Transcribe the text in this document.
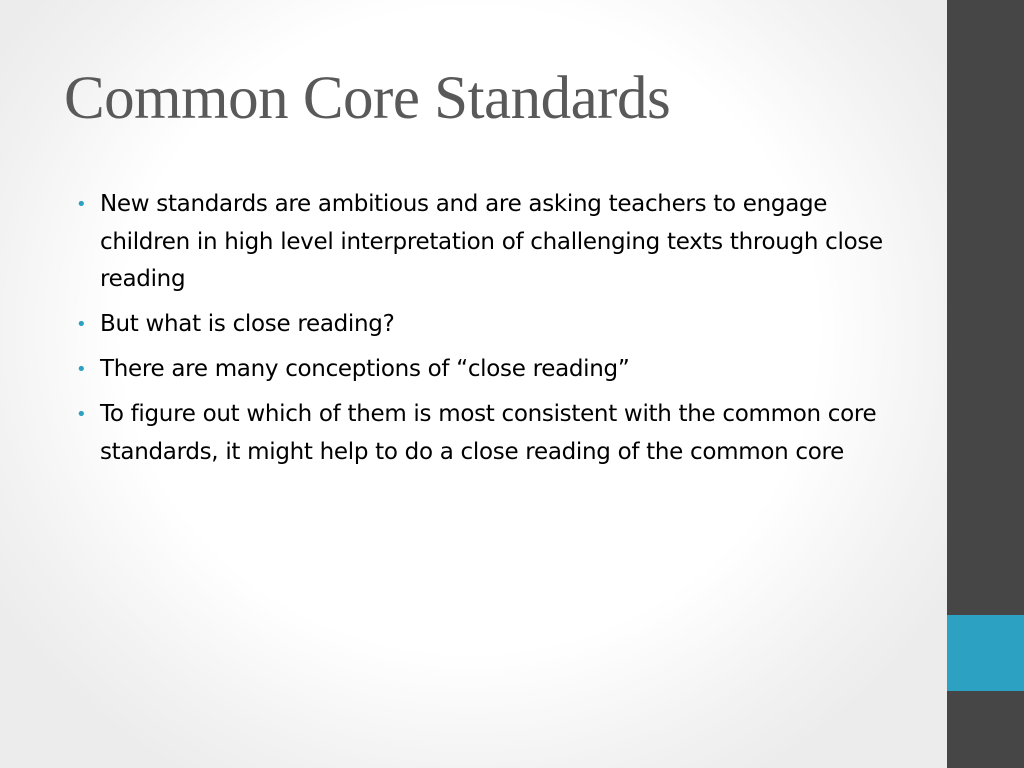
Common Core Standards
• New standards are ambitious and are asking teachers to engage children in high level interpretation of challenging texts through close reading
• But what is close reading?
• There are many conceptions of “close reading”
• To figure out which of them is most consistent with the common core standards, it might help to do a close reading of the common core
